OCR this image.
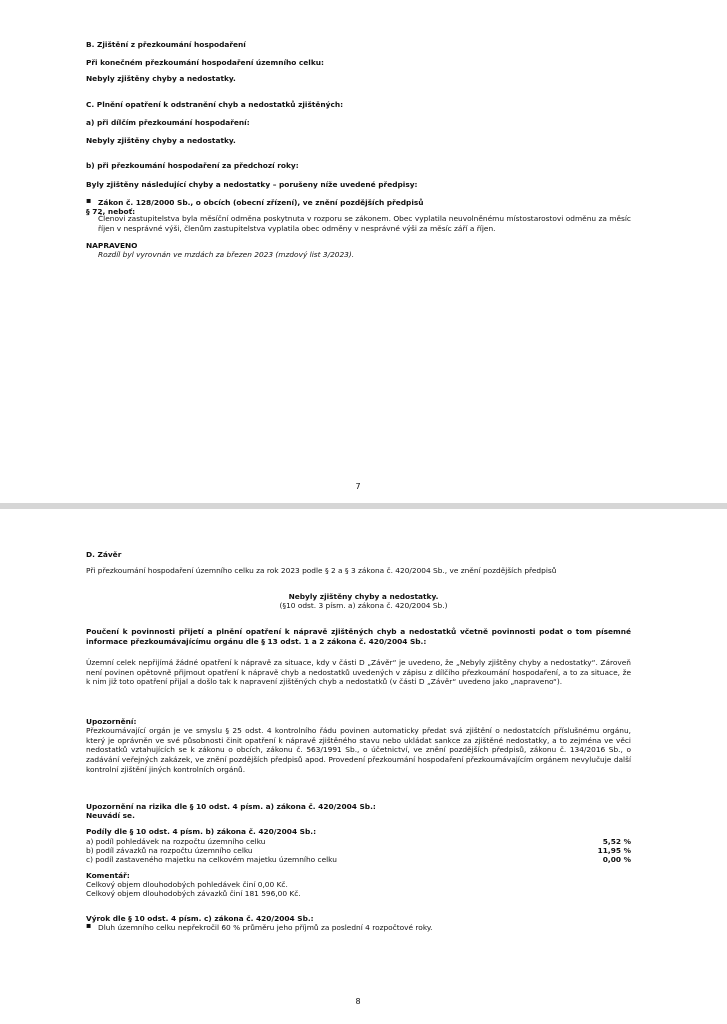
B. Zjištění z přezkoumání hospodaření

Při konečném přezkoumání hospodaření územního celku:

Nebyly zjištěny chyby a nedostatky.

C. Plnění opatření k odstranění chyb a nedostatků zjištěných:

a) při dílčím přezkoumání hospodaření:

Nebyly zjištěny chyby a nedostatky.

b) při přezkoumání hospodaření za předchozí roky:

Byly zjištěny následující chyby a nedostatky – porušeny níže uvedené předpisy:

▪ Zákon č. 128/2000 Sb., o obcích (obecní zřízení), ve znění pozdějších předpisů

§ 72, neboť:

Členovi zastupitelstva byla měsíční odměna poskytnuta v rozporu se zákonem. Obec vyplatila neuvolněnému místostarostovi odměnu za měsíc říjen v nesprávné výši, členům zastupitelstva vyplatila obec odměny v nesprávné výši za měsíc září a říjen.

NAPRAVENO

Rozdíl byl vyrovnán ve mzdách za březen 2023 (mzdový list 3/2023).

7

D. Závěr

Při přezkoumání hospodaření územního celku za rok 2023 podle § 2 a § 3 zákona č. 420/2004 Sb., ve znění pozdějších předpisů

Nebyly zjištěny chyby a nedostatky.

(§10 odst. 3 písm. a) zákona č. 420/2004 Sb.)

Poučení k povinnosti přijetí a plnění opatření k nápravě zjištěných chyb a nedostatků včetně povinnosti podat o tom písemné informace přezkoumávajícímu orgánu dle § 13 odst. 1 a 2 zákona č. 420/2004 Sb.:

Územní celek nepřijímá žádné opatření k nápravě za situace, kdy v části D „Závěr“ je uvedeno, že „Nebyly zjištěny chyby a nedostatky“. Zároveň není povinen opětovně přijmout opatření k nápravě chyb a nedostatků uvedených v zápisu z dílčího přezkoumání hospodaření, a to za situace, že k nim již toto opatření přijal a došlo tak k napravení zjištěných chyb a nedostatků (v části D „Závěr“ uvedeno jako „napraveno“).

Upozornění:

Přezkoumávající orgán je ve smyslu § 25 odst. 4 kontrolního řádu povinen automaticky předat svá zjištění o nedostatcích příslušnému orgánu, který je oprávněn ve své působnosti činit opatření k nápravě zjištěného stavu nebo ukládat sankce za zjištěné nedostatky, a to zejména ve věci nedostatků vztahujících se k zákonu o obcích, zákonu č. 563/1991 Sb., o účetnictví, ve znění pozdějších předpisů, zákonu č. 134/2016 Sb., o zadávání veřejných zakázek, ve znění pozdějších předpisů apod. Provedení přezkoumání hospodaření přezkoumávajícím orgánem nevylučuje další kontrolní zjištění jiných kontrolních orgánů.

Upozornění na rizika dle § 10 odst. 4 písm. a) zákona č. 420/2004 Sb.:

Neuvádí se.

Podíly dle § 10 odst. 4 písm. b) zákona č. 420/2004 Sb.:

a) podíl pohledávek na rozpočtu územního celku	5,52 %

b) podíl závazků na rozpočtu územního celku	11,95 %

c) podíl zastaveného majetku na celkovém majetku územního celku	0,00 %

Komentář:

Celkový objem dlouhodobých pohledávek činí 0,00 Kč.

Celkový objem dlouhodobých závazků činí 181 596,00 Kč.

Výrok dle § 10 odst. 4 písm. c) zákona č. 420/2004 Sb.:

▪ Dluh územního celku nepřekročil 60 % průměru jeho příjmů za poslední 4 rozpočtové roky.

8
